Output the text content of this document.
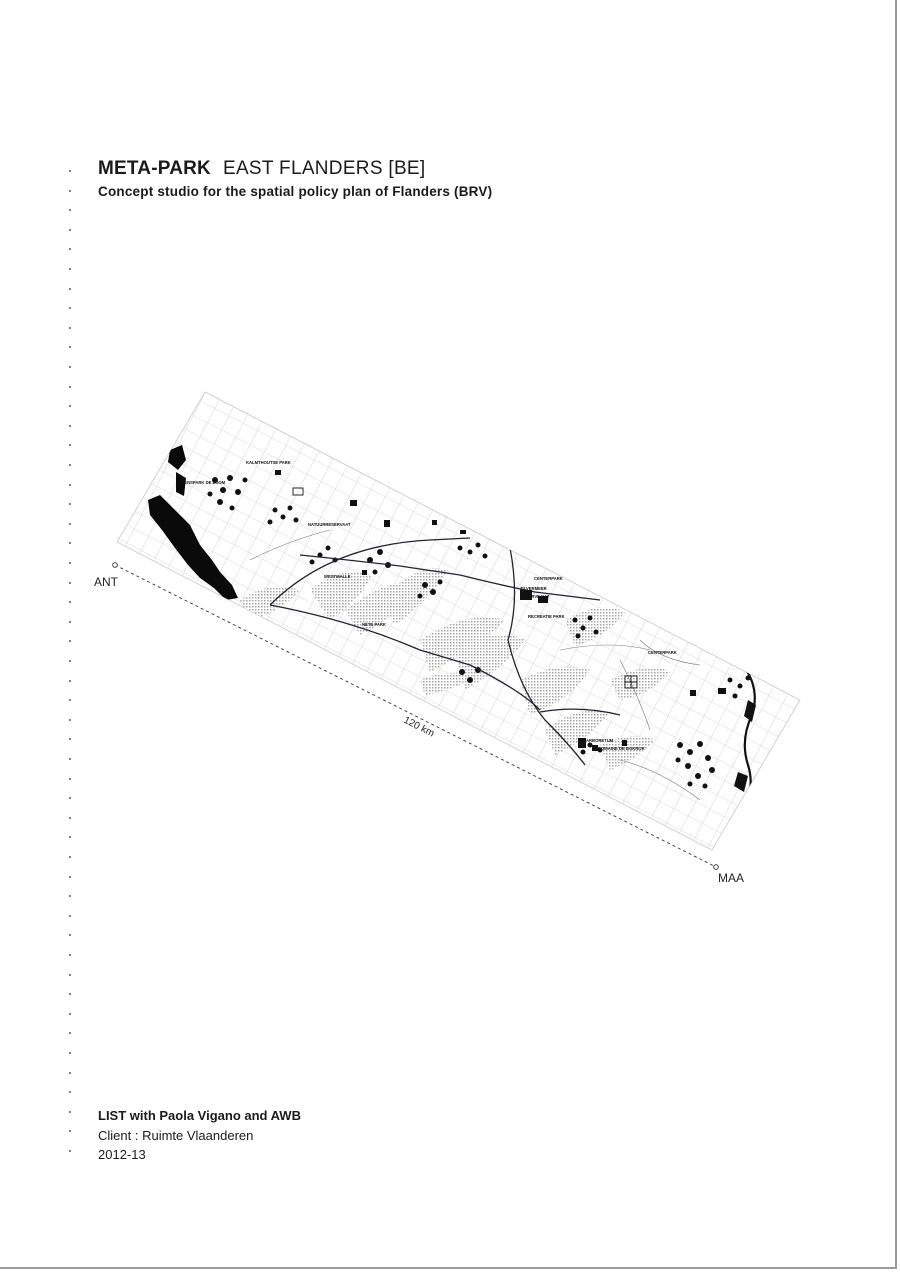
META-PARK EAST FLANDERS [BE]
Concept studio for the spatial policy plan of Flanders (BRV)
KALMTHOUTSE PARK
GRENSPARK DE ZOOM
NATUURRESERVAAT
WESTMALLE
NETE PARK
CENTERPARK
ZILVERMEER
RESERVE NAT
RECREATIE PARK
DOMAINE DE BOKRIJK
ARBORETUM
CENTERPARK
120 km
ANT
MAA
LIST with Paola Vigano and AWB
Client : Ruimte Vlaanderen
2012-13
